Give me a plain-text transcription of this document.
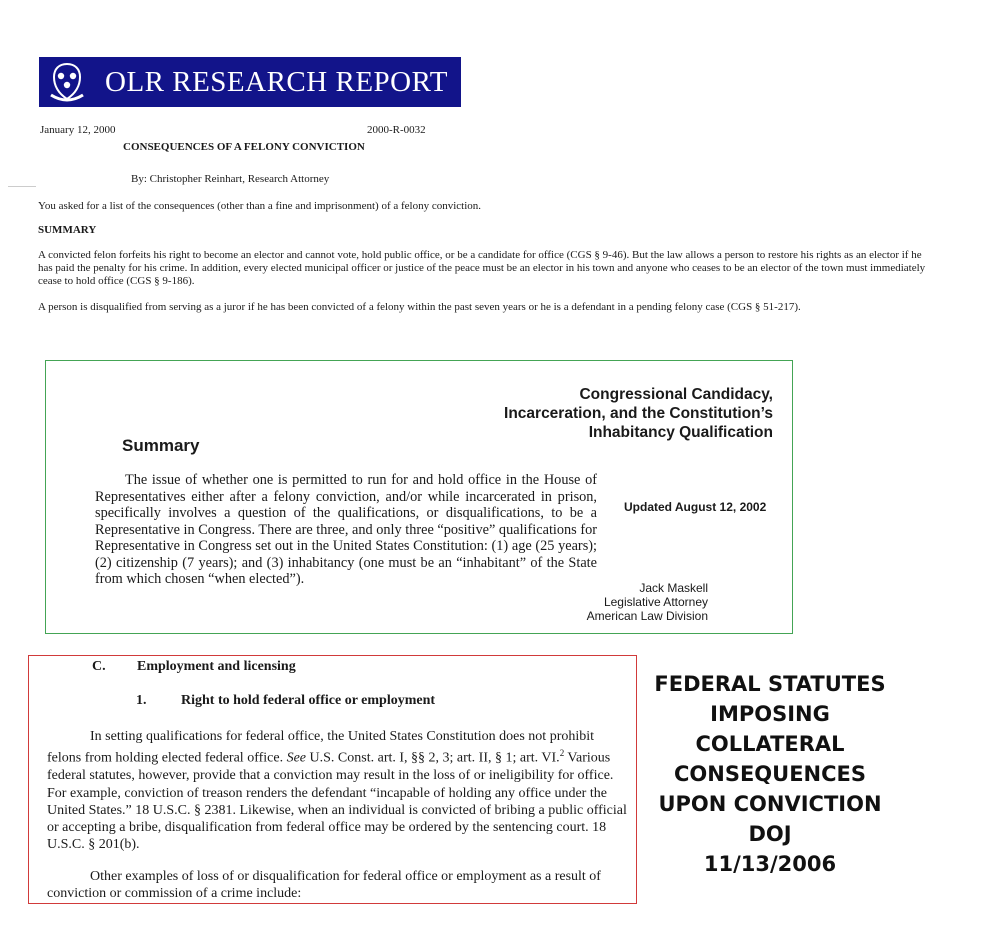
OLR RESEARCH REPORT
January 12, 2000	2000-R-0032
CONSEQUENCES OF A FELONY CONVICTION
By: Christopher Reinhart, Research Attorney
You asked for a list of the consequences (other than a fine and imprisonment) of a felony conviction.
SUMMARY
A convicted felon forfeits his right to become an elector and cannot vote, hold public office, or be a candidate for office (CGS § 9-46). But the law allows a person to restore his rights as an elector if he has paid the penalty for his crime. In addition, every elected municipal officer or justice of the peace must be an elector in his town and anyone who ceases to be an elector of the town must immediately cease to hold office (CGS § 9-186).
A person is disqualified from serving as a juror if he has been convicted of a felony within the past seven years or he is a defendant in a pending felony case (CGS § 51-217).
Congressional Candidacy,
Incarceration, and the Constitution’s
Inhabitancy Qualification
Summary
The issue of whether one is permitted to run for and hold office in the House of Representatives either after a felony conviction, and/or while incarcerated in prison, specifically involves a question of the qualifications, or disqualifications, to be a Representative in Congress. There are three, and only three “positive” qualifications for Representative in Congress set out in the United States Constitution: (1) age (25 years); (2) citizenship (7 years); and (3) inhabitancy (one must be an “inhabitant” of the State from which chosen “when elected”).
Updated August 12, 2002
Jack Maskell
Legislative Attorney
American Law Division
C. Employment and licensing
1. Right to hold federal office or employment
In setting qualifications for federal office, the United States Constitution does not prohibit felons from holding elected federal office. See U.S. Const. art. I, §§ 2, 3; art. II, § 1; art. VI.$^2$ Various federal statutes, however, provide that a conviction may result in the loss of or ineligibility for office. For example, conviction of treason renders the defendant “incapable of holding any office under the United States.” 18 U.S.C. § 2381. Likewise, when an individual is convicted of bribing a public official or accepting a bribe, disqualification from federal office may be ordered by the sentencing court. 18 U.S.C. § 201(b).
Other examples of loss of or disqualification for federal office or employment as a result of conviction or commission of a crime include:
FEDERAL STATUTES
IMPOSING
COLLATERAL
CONSEQUENCES
UPON CONVICTION
DOJ
11/13/2006
